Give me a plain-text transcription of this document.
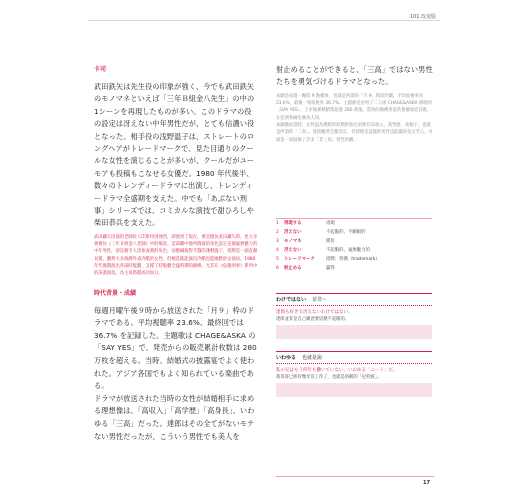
101 改変版
卡司

武田鉄矢は先生役の印象が強く、今でも武田鉄矢のモノマネといえば「三年Ｂ組金八先生」の中の1シーンを再現したものが多い。このドラマの役の設定は冴えない中年男性だが、とても信濃い役となった。相手役の浅野温子は、ストレートのロングヘアがトレードマークで、見た目通りのクールな女性を演じることが多いが、クールだがユーモアも投稿もこなせる女優だ。1980 年代後半、数々のトレンディードラマに出演し、トレンディードラマ全盛期を支えた。中でも「あぶない刑事」シリーズでは、コミカルな演技で甜ひろしや柴田恭兵を支えた。

武田鐵矢因演的老師役人印象特別強烈，即使到了現在，要是模仿武田鐵矢時，也大多會模仿《三年Ｂ組金八老師》中的場景。這部劇中他所飾演的角色設定是個毫無魅力的中年男性，卻是個令人印象深刻的角色。而擔綱演對手戲的淺野溫子，招牌是一頭直順長髮，雖然大多演繹外表冷酷的女性，但她是既能演出冷酷也能幽默的女演員。1980 年代後期演出各部時髦劇，支撐了時髦劇全盛時期的顛峰。尤其在《危險刑事》系列中的詼諧演技，為主角搭檔成功加分。

時代背景・成績

毎週月曜午後９時から放送された「月９」枠のドラマである。平均視聴率 23.6%、最終回では 36.7% を記録した。主題歌は CHAGE&ASKA の「SAY YES」で、発売からの販売累計枚数は 280 万枚を超える。当時、結婚式の披露宴でよく使われた。アジア各国でもよく知られている楽曲である。
ドラマが放送された当時の女性が結婚相手に求める理想像は、「高収入」「高学歴」「高身長」、いわゆる「三高」だった。達郎はその全てがないモテない男性だったが、こういう男性でも美人を

射止めることができると、「三高」ではない男性たちを勇気づけるドラマとなった。

本劇是每週一晚間 9 點播放，也就是所謂的「月 9」時段的劇，平均收視率為 23.6%，最後一集收視率 36.7%。主題曲是由男子二人組 CHAGE&ASKA 演唱的〈SAY YES〉，上市後累積銷售超過 280 萬張。當時的婚禮喜宴常會播放這首歌，在亞洲各國也廣為人知。
本劇播放當時，女性認為理想的結婚對象必須要有高收入、高學歷、高個子，也就是所謂的「三高」。達郎雖然全都沒有，但即使是這樣的男性也能贏得美女芳心，可說是一部鼓舞了許多「非三高」男性的劇。

1	再現する	再現
2	冴えない	不起眼的、不顯眼的
3	モノマネ	模仿
4	冴えない	不起眼的、毫無魅力的
5	トレードマーク	招牌；特徴（trademark）
6	射止める	贏得
わけではない 並非～
達郎も好きで冴えないわけではない。
達郎並非是自己願意要這麼不起眼的。
いわゆる 也就是說
私の兄はもう何年も働いていない、いわゆる「ニート」だ。
我哥哥已經好幾年沒工作了，也就是俗稱的「尼特族」。
17
